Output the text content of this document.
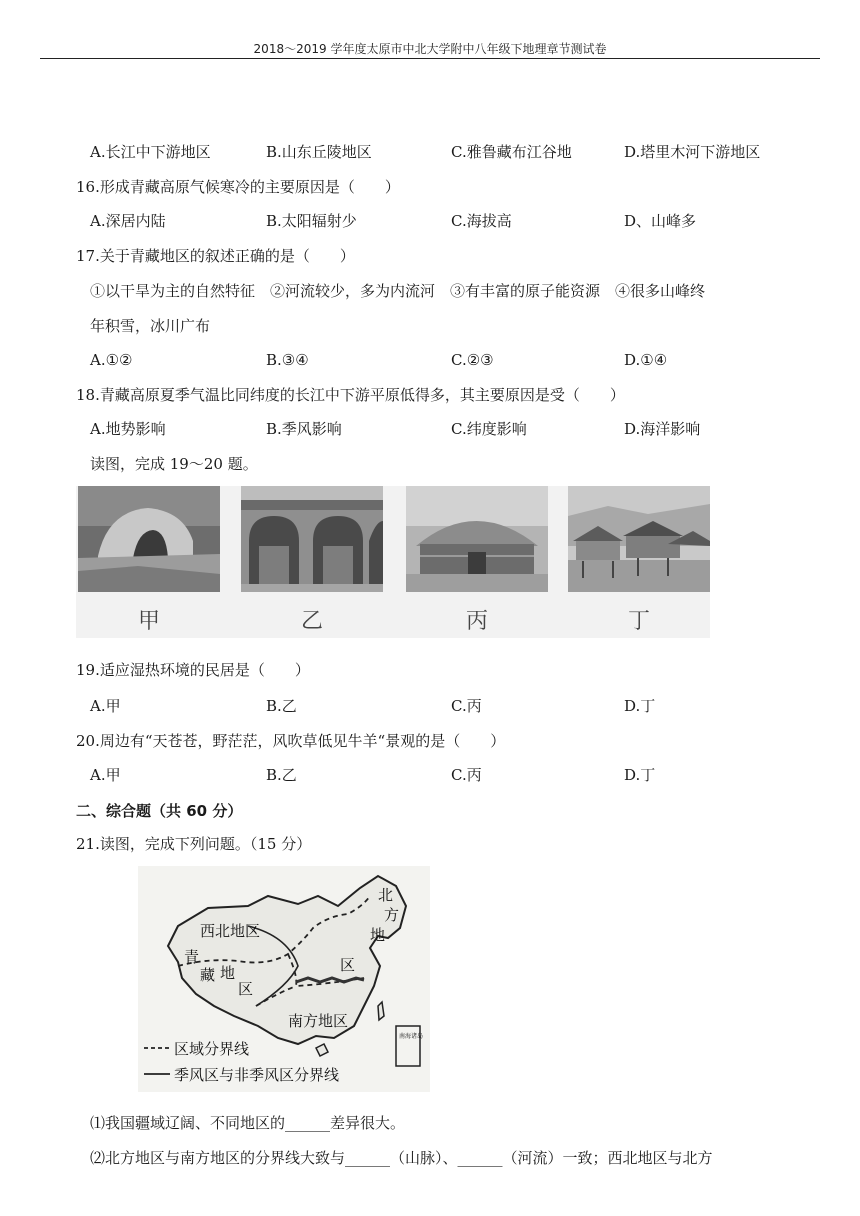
2018～2019 学年度太原市中北大学附中八年级下地理章节测试卷
A.长江中下游地区	B.山东丘陵地区	C.雅鲁藏布江谷地	D.塔里木河下游地区
16.形成青藏高原气候寒冷的主要原因是（　　）
A.深居内陆	B.太阳辐射少	C.海拔高	D、山峰多
17.关于青藏地区的叙述正确的是（　　）
①以干旱为主的自然特征　②河流较少，多为内流河　③有丰富的原子能资源　④很多山峰终
年积雪，冰川广布
A.①②	B.③④	C.②③	D.①④
18.青藏高原夏季气温比同纬度的长江中下游平原低得多，其主要原因是受（　　）
A.地势影响	B.季风影响	C.纬度影响	D.海洋影响
读图，完成 19～20 题。
甲	乙	丙	丁
19.适应湿热环境的民居是（　　）
A.甲	B.乙	C.丙	D.丁
20.周边有“天苍苍，野茫茫，风吹草低见牛羊“景观的是（　　）
A.甲	B.乙	C.丙	D.丁
二、综合题（共 60 分）
21.读图，完成下列问题。（15 分）
西北地区
青
藏 地
区
北
方
地
区
南方地区
南海诸岛
区域分界线
季风区与非季风区分界线
⑴我国疆域辽阔、不同地区的______差异很大。
⑵北方地区与南方地区的分界线大致与______（山脉）、______（河流）一致；西北地区与北方
